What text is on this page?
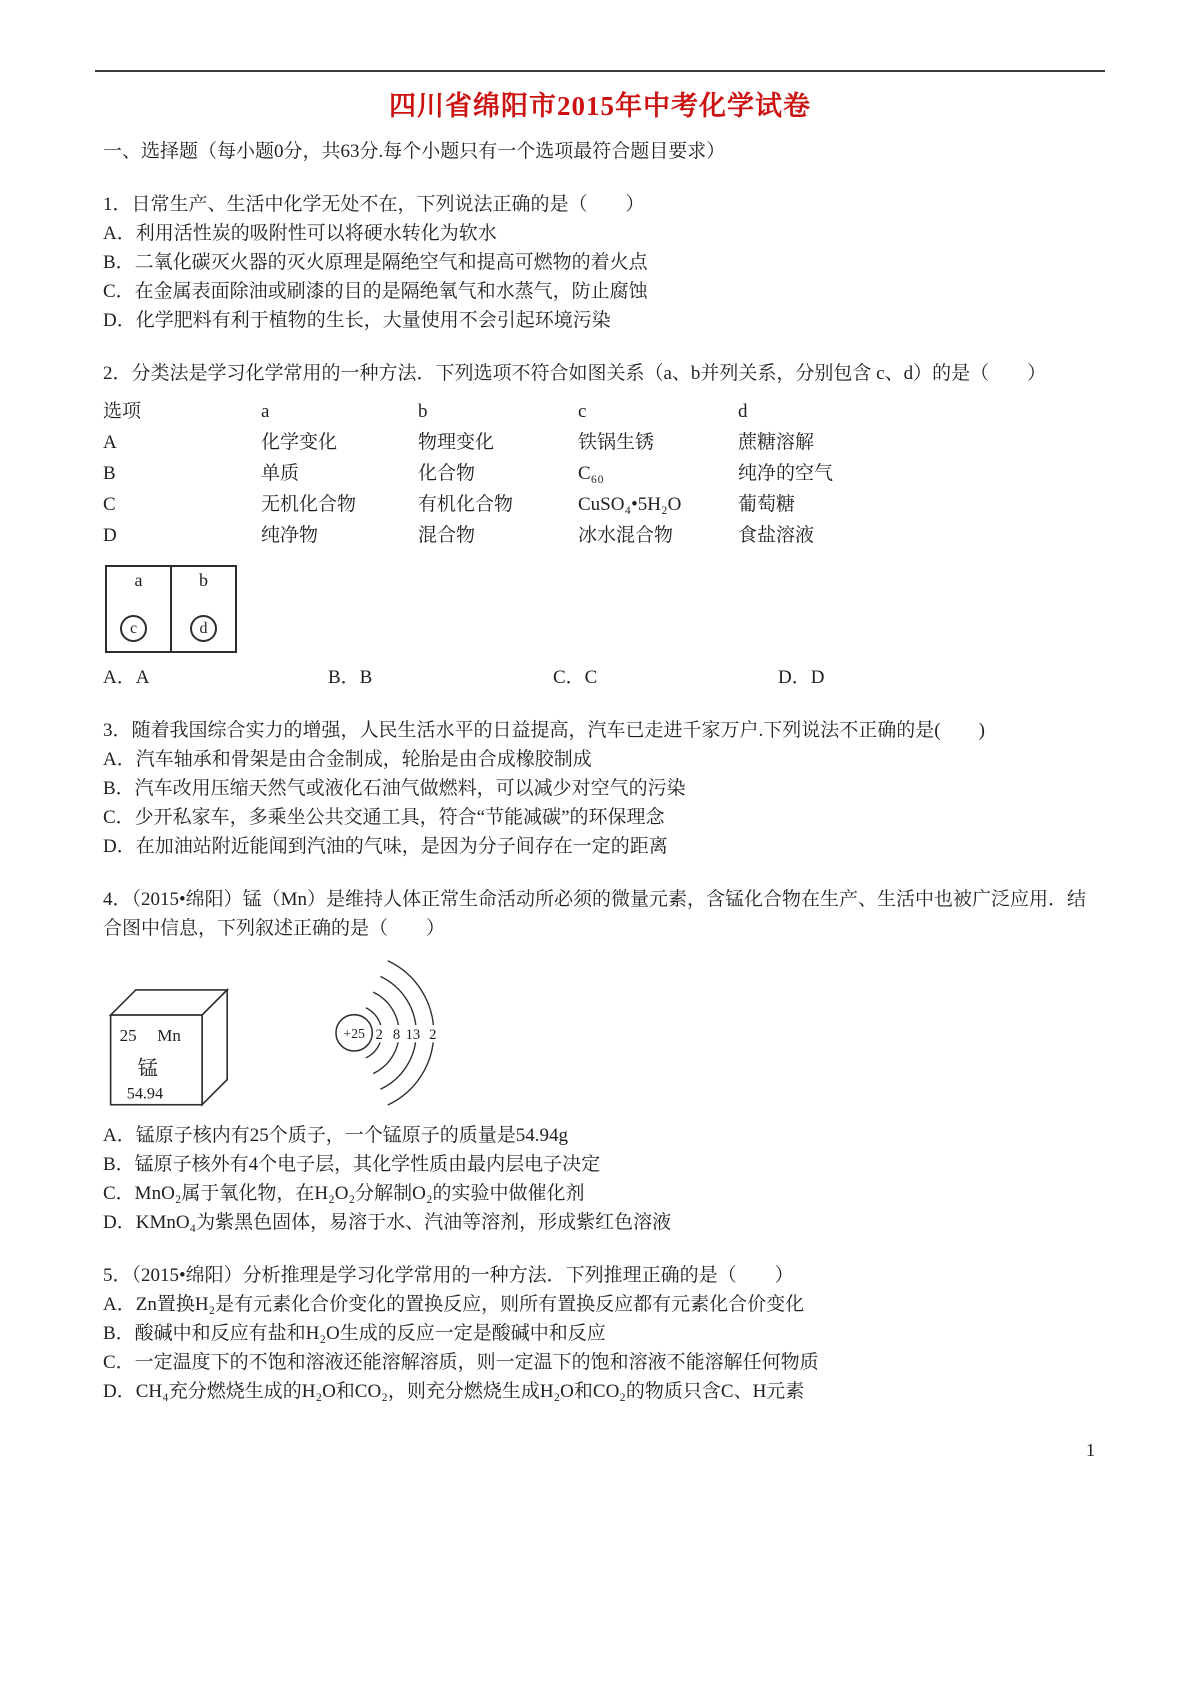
四川省绵阳市2015年中考化学试卷

一、选择题（每小题0分，共63分.每个小题只有一个选项最符合题目要求）

1．日常生产、生活中化学无处不在，下列说法正确的是（　　）

A．利用活性炭的吸附性可以将硬水转化为软水

B．二氧化碳灭火器的灭火原理是隔绝空气和提高可燃物的着火点

C．在金属表面除油或刷漆的目的是隔绝氧气和水蒸气，防止腐蚀

D．化学肥料有利于植物的生长，大量使用不会引起环境污染

2．分类法是学习化学常用的一种方法．下列选项不符合如图关系（a、b并列关系，分别包含 c、d）的是（　　）

选项	a	b	c	d
A	化学变化	物理变化	铁锅生锈	蔗糖溶解
B	单质	化合物	C₆₀	纯净的空气
C	无机化合物	有机化合物	CuSO₄•5H₂O	葡萄糖
D	纯净物	混合物	冰水混合物	食盐溶液
a
c
b
d
A．A	B．B	C．C	D．D

3．随着我国综合实力的增强，人民生活水平的日益提高，汽车已走进千家万户.下列说法不正确的是(　　)

A．汽车轴承和骨架是由合金制成，轮胎是由合成橡胶制成

B．汽车改用压缩天然气或液化石油气做燃料，可以减少对空气的污染

C．少开私家车，多乘坐公共交通工具，符合“节能减碳”的环保理念

D．在加油站附近能闻到汽油的气味，是因为分子间存在一定的距离

4．（2015•绵阳）锰（Mn）是维持人体正常生命活动所必须的微量元素，含锰化合物在生产、生活中也被广泛应用．结合图中信息，下列叙述正确的是（　　）

25 Mn
锰
54.94
+25 2 8 13 2

A．锰原子核内有25个质子，一个锰原子的质量是54.94g

B．锰原子核外有4个电子层，其化学性质由最内层电子决定

C．MnO₂属于氧化物，在H₂O₂分解制O₂的实验中做催化剂

D．KMnO₄为紫黑色固体，易溶于水、汽油等溶剂，形成紫红色溶液

5．（2015•绵阳）分析推理是学习化学常用的一种方法．下列推理正确的是（　　）

A．Zn置换H₂是有元素化合价变化的置换反应，则所有置换反应都有元素化合价变化

B．酸碱中和反应有盐和H₂O生成的反应一定是酸碱中和反应

C．一定温度下的不饱和溶液还能溶解溶质，则一定温下的饱和溶液不能溶解任何物质

D．CH₄充分燃烧生成的H₂O和CO₂，则充分燃烧生成H₂O和CO₂的物质只含C、H元素

1
